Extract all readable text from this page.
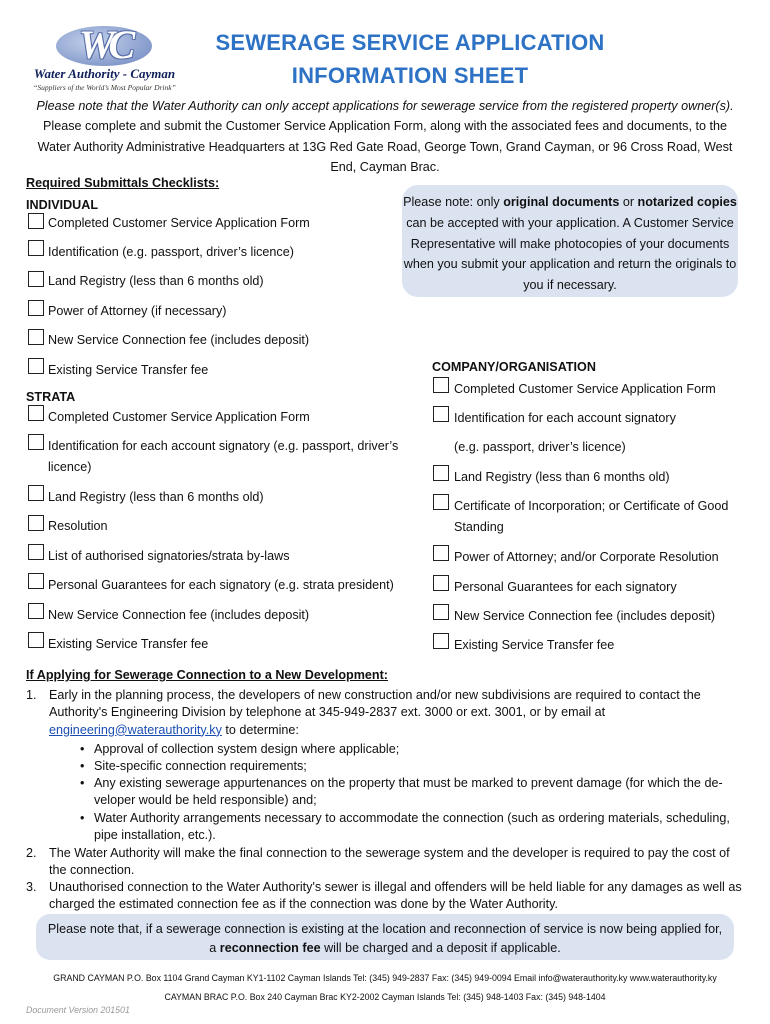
WC
Water Authority - Cayman
“Suppliers of the World’s Most Popular Drink”
SEWERAGE SERVICE APPLICATION
INFORMATION SHEET
Please note that the Water Authority can only accept applications for sewerage service from the registered property owner(s).
Please complete and submit the Customer Service Application Form, along with the associated fees and documents, to the Water Authority Administrative Headquarters at 13G Red Gate Road, George Town, Grand Cayman, or 96 Cross Road, West End, Cayman Brac.
Required Submittals Checklists:
INDIVIDUAL
Completed Customer Service Application Form
Identification (e.g. passport, driver’s licence)
Land Registry (less than 6 months old)
Power of Attorney (if necessary)
New Service Connection fee (includes deposit)
Existing Service Transfer fee
Please note: only original documents or notarized copies can be accepted with your application. A Customer Service Representative will make photocopies of your documents when you submit your application and return the originals to you if necessary.
STRATA
Completed Customer Service Application Form
Identification for each account signatory (e.g. passport, driver’s licence)
Land Registry (less than 6 months old)
Resolution
List of authorised signatories/strata by-laws
Personal Guarantees for each signatory (e.g. strata president)
New Service Connection fee (includes deposit)
Existing Service Transfer fee
COMPANY/ORGANISATION
Completed Customer Service Application Form
Identification for each account signatory
(e.g. passport, driver’s licence)
Land Registry (less than 6 months old)
Certificate of Incorporation; or Certificate of Good Standing
Power of Attorney; and/or Corporate Resolution
Personal Guarantees for each signatory
New Service Connection fee (includes deposit)
Existing Service Transfer fee
If Applying for Sewerage Connection to a New Development:
1. Early in the planning process, the developers of new construction and/or new subdivisions are required to contact the Authority's Engineering Division by telephone at 345-949-2837 ext. 3000 or ext. 3001, or by email at
engineering@waterauthority.ky to determine:
• Approval of collection system design where applicable;
• Site-specific connection requirements;
• Any existing sewerage appurtenances on the property that must be marked to prevent damage (for which the de-veloper would be held responsible) and;
• Water Authority arrangements necessary to accommodate the connection (such as ordering materials, scheduling, pipe installation, etc.).
2. The Water Authority will make the final connection to the sewerage system and the developer is required to pay the cost of the connection.
3. Unauthorised connection to the Water Authority's sewer is illegal and offenders will be held liable for any damages as well as charged the estimated connection fee as if the connection was done by the Water Authority.
Please note that, if a sewerage connection is existing at the location and reconnection of service is now being applied for,
a reconnection fee will be charged and a deposit if applicable.
GRAND CAYMAN P.O. Box 1104 Grand Cayman KY1-1102 Cayman Islands Tel: (345) 949-2837 Fax: (345) 949-0094 Email info@waterauthority.ky www.waterauthority.ky
CAYMAN BRAC P.O. Box 240 Cayman Brac KY2-2002 Cayman Islands Tel: (345) 948-1403 Fax: (345) 948-1404
Document Version 201501
